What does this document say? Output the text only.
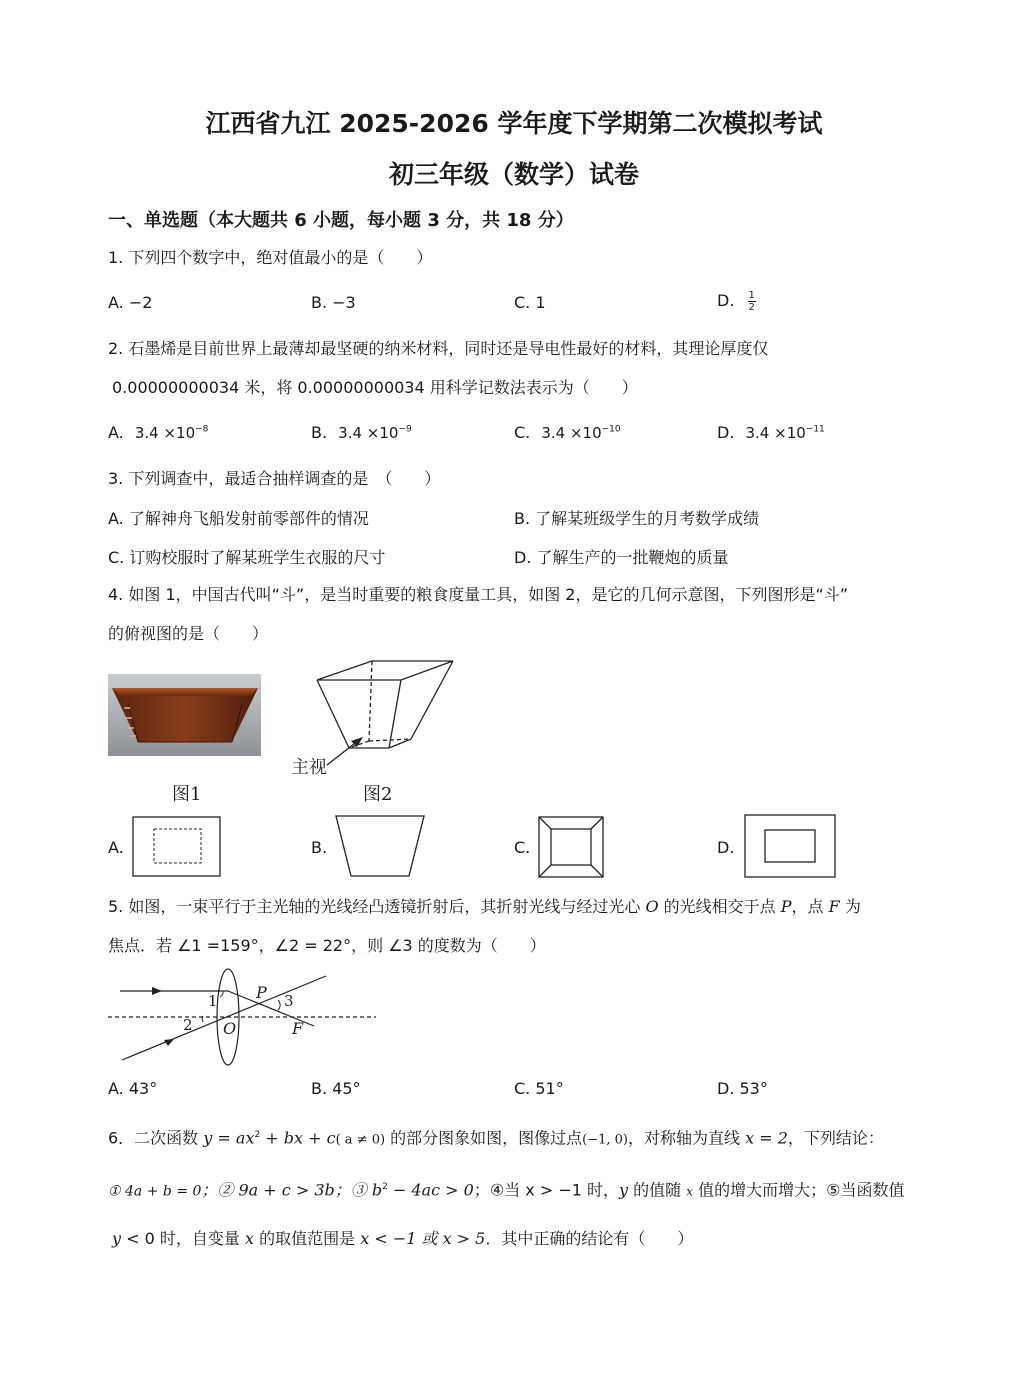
江西省九江 2025-2026 学年度下学期第二次模拟考试
初三年级（数学）试卷
一、单选题（本大题共 6 小题，每小题 3 分，共 18 分）
1. 下列四个数字中，绝对值最小的是（　　）
A. −2	B. −3	C. 1	D. $\frac{1}{2}$
2. 石墨烯是目前世界上最薄却最坚硬的纳米材料，同时还是导电性最好的材料，其理论厚度仅
0.00000000034 米，将 0.00000000034 用科学记数法表示为（　　）
A. $3.4 \times 10^{-8}$	B. $3.4 \times 10^{-9}$	C. $3.4 \times 10^{-10}$	D. $3.4 \times 10^{-11}$
3. 下列调查中，最适合抽样调查的是　（　　）
A. 了解神舟飞船发射前零部件的情况	B. 了解某班级学生的月考数学成绩
C. 订购校服时了解某班学生衣服的尺寸	D. 了解生产的一批鞭炮的质量
4. 如图 1，中国古代叫“斗”，是当时重要的粮食度量工具，如图 2，是它的几何示意图，下列图形是“斗”
的俯视图的是（　　）
主视
图1	图2
A.	B.	C.	D.
5. 如图，一束平行于主光轴的光线经凸透镜折射后，其折射光线与经过光心 O 的光线相交于点 P，点 F 为
焦点．若 ∠1 =159°，∠2 = 22°，则 ∠3 的度数为（　　）
1
2
3
P
O	F
A. 43°	B. 45°	C. 51°	D. 53°
6．二次函数 $y = ax^2$ + bx + c( a ≠ 0) 的部分图象如图，图像过点(−1, 0)，对称轴为直线 x = 2，下列结论：
① 4a + b = 0；② 9a + c > 3b；③ $b^2 - 4ac > 0$；④当 x > −1 时，y 的值随 x 值的增大而增大；⑤当函数值
y < 0 时，自变量 x 的取值范围是 x < −1 或 x > 5．其中正确的结论有（　　）
